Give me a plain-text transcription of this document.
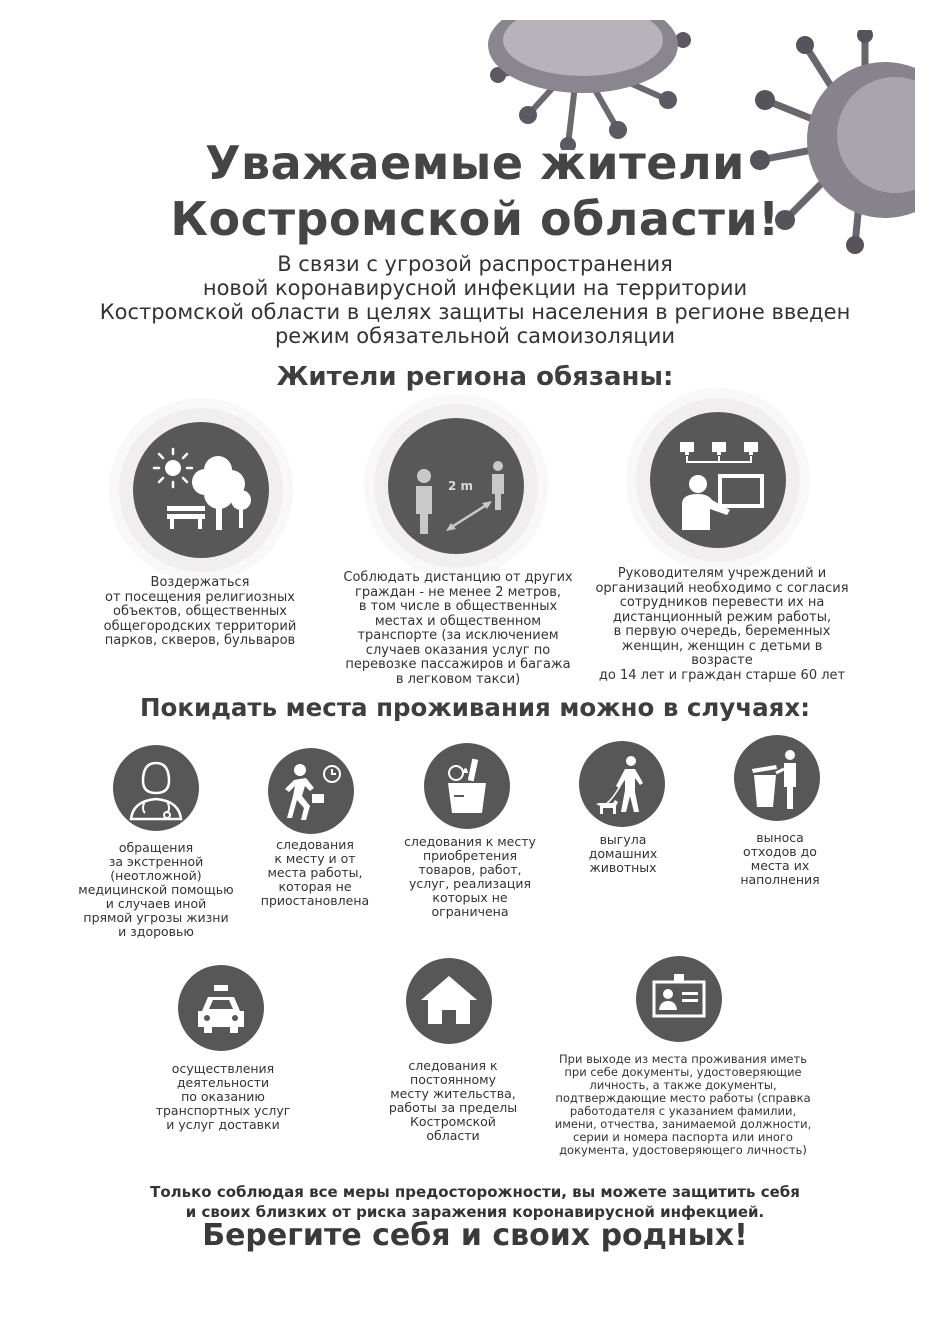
Уважаемые жители
Костромской области!
В связи с угрозой распространения
новой коронавирусной инфекции на территории
Костромской области в целях защиты населения в регионе введен
режим обязательной самоизоляции
Жители региона обязаны:
2 m
Воздержаться
от посещения религиозных
объектов, общественных
общегородских территорий
парков, скверов, бульваров
Соблюдать дистанцию от других
граждан - не менее 2 метров,
в том числе в общественных
местах и общественном
транспорте (за исключением
случаев оказания услуг по
перевозке пассажиров и багажа
в легковом такси)
Руководителям учреждений и
организаций необходимо с согласия
сотрудников перевести их на
дистанционный режим работы,
в первую очередь, беременных
женщин, женщин с детьми в возрасте
до 14 лет и граждан старше 60 лет
Покидать места проживания можно в случаях:
обращения
за экстренной
(неотложной)
медицинской помощью
и случаев иной
прямой угрозы жизни
и здоровью
следования
к месту и от
места работы,
которая не
приостановлена
следования к месту
приобретения
товаров, работ,
услуг, реализация
которых не
ограничена
выгула
домашних
животных
выноса
отходов до
места их
наполнения
осуществления
деятельности
по оказанию
транспортных услуг
и услуг доставки
следования к
постоянному
месту жительства,
работы за пределы
Костромской
области
При выходе из места проживания иметь
при себе документы, удостоверяющие
личность, а также документы,
подтверждающие место работы (справка
работодателя с указанием фамилии,
имени, отчества, занимаемой должности,
серии и номера паспорта или иного
документа, удостоверяющего личность)
Только соблюдая все меры предосторожности, вы можете защитить себя
и своих близких от риска заражения коронавирусной инфекцией.
Берегите себя и своих родных!
